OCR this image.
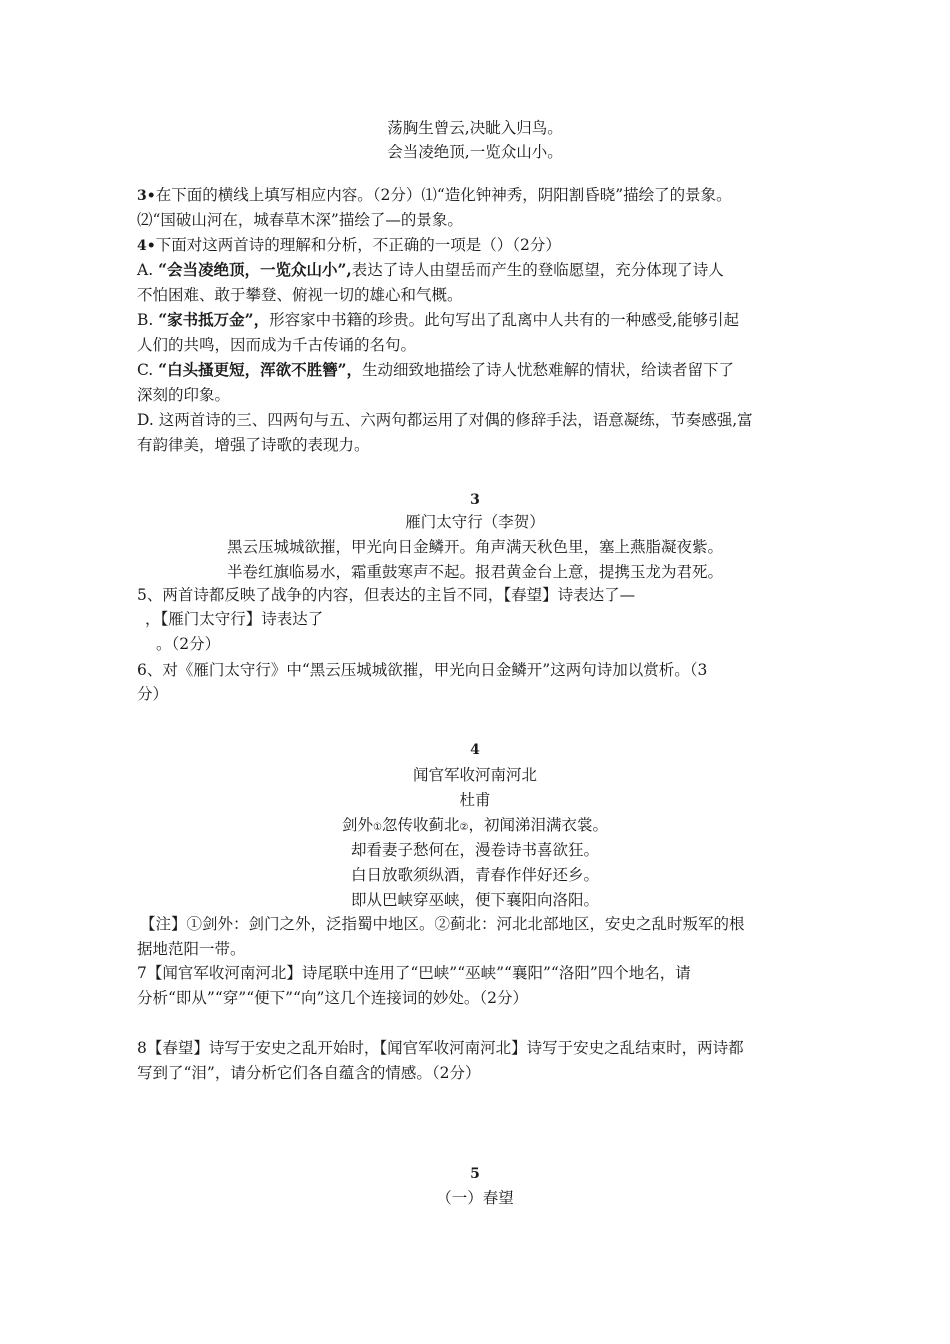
荡胸生曾云,决眦入归鸟。
会当凌绝顶,一览众山小。
3•在下面的横线上填写相应内容。（2分）⑴“造化钟神秀，阴阳割昏晓”描绘了的景象。
⑵“国破山河在，城春草木深”描绘了—的景象。
4•下面对这两首诗的理解和分析，不正确的一项是（）（2分）
A. “会当凌绝顶，一览众山小”,表达了诗人由望岳而产生的登临愿望，充分体现了诗人
不怕困难、敢于攀登、俯视一切的雄心和气概。
B. “家书抵万金”，形容家中书籍的珍贵。此句写出了乱离中人共有的一种感受,能够引起
人们的共鸣，因而成为千古传诵的名句。
C. “白头搔更短，浑欲不胜簪”，生动细致地描绘了诗人忧愁难解的情状，给读者留下了
深刻的印象。
D. 这两首诗的三、四两句与五、六两句都运用了对偶的修辞手法，语意凝练，节奏感强,富
有韵律美，增强了诗歌的表现力。
3
雁门太守行（李贺）
黑云压城城欲摧，甲光向日金鳞开。角声满天秋色里，塞上燕脂凝夜紫。
半卷红旗临易水，霜重鼓寒声不起。报君黄金台上意，提携玉龙为君死。
5、两首诗都反映了战争的内容，但表达的主旨不同，【春望】诗表达了—
，【雁门太守行】诗表达了
。（2分）
6、对《雁门太守行》中“黑云压城城欲摧，甲光向日金鳞开”这两句诗加以赏析。（3
分）
4
闻官军收河南河北
杜甫
剑外①忽传收蓟北②，初闻涕泪满衣裳。
却看妻子愁何在，漫卷诗书喜欲狂。
白日放歌须纵酒，青春作伴好还乡。
即从巴峡穿巫峡，便下襄阳向洛阳。
【注】①剑外：剑门之外，泛指蜀中地区。②蓟北：河北北部地区，安史之乱时叛军的根
据地范阳一带。
7【闻官军收河南河北】诗尾联中连用了“巴峡”“巫峡”“襄阳”“洛阳”四个地名，请
分析“即从”“穿”“便下”“向”这几个连接词的妙处。（2分）
8【春望】诗写于安史之乱开始时，【闻官军收河南河北】诗写于安史之乱结束时，两诗都
写到了“泪”，请分析它们各自蕴含的情感。（2分）
5
（一）春望
